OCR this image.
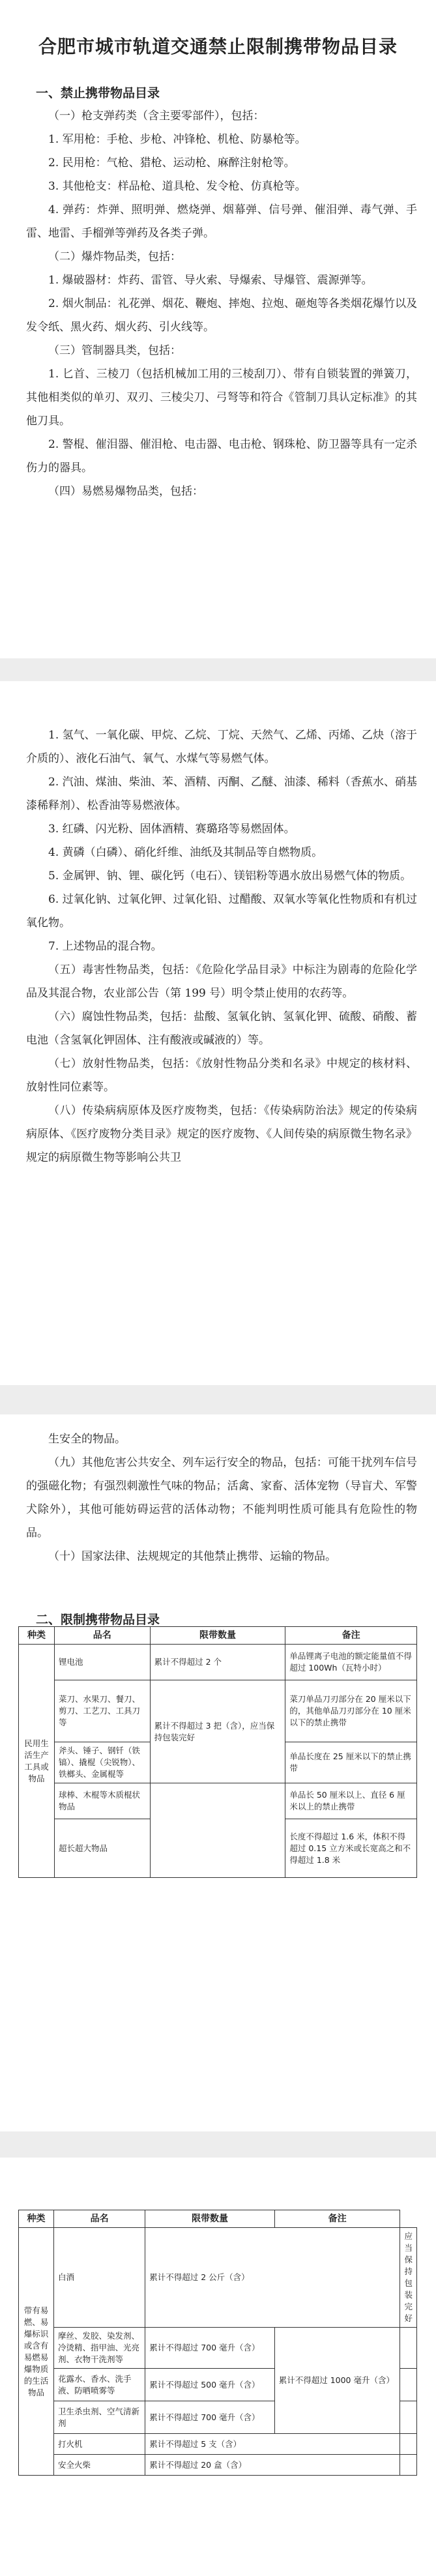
合肥市城市轨道交通禁止限制携带物品目录
一、禁止携带物品目录
（一）枪支弹药类（含主要零部件），包括：
1. 军用枪：手枪、步枪、冲锋枪、机枪、防暴枪等。
2. 民用枪：气枪、猎枪、运动枪、麻醉注射枪等。
3. 其他枪支：样品枪、道具枪、发令枪、仿真枪等。
4. 弹药：炸弹、照明弹、燃烧弹、烟幕弹、信号弹、催泪弹、毒气弹、手雷、地雷、手榴弹等弹药及各类子弹。
（二）爆炸物品类，包括：
1. 爆破器材：炸药、雷管、导火索、导爆索、导爆管、震源弹等。
2. 烟火制品：礼花弹、烟花、鞭炮、摔炮、拉炮、砸炮等各类烟花爆竹以及发令纸、黑火药、烟火药、引火线等。
（三）管制器具类，包括：
1. 匕首、三棱刀（包括机械加工用的三棱刮刀）、带有自锁装置的弹簧刀，其他相类似的单刃、双刃、三棱尖刀、弓弩等和符合《管制刀具认定标准》的其他刀具。
2. 警棍、催泪器、催泪枪、电击器、电击枪、钢珠枪、防卫器等具有一定杀伤力的器具。
（四）易燃易爆物品类，包括：
1. 氢气、一氧化碳、甲烷、乙烷、丁烷、天然气、乙烯、丙烯、乙炔（溶于介质的）、液化石油气、氧气、水煤气等易燃气体。
2. 汽油、煤油、柴油、苯、酒精、丙酮、乙醚、油漆、稀料（香蕉水、硝基漆稀释剂）、松香油等易燃液体。
3. 红磷、闪光粉、固体酒精、赛璐珞等易燃固体。
4. 黄磷（白磷）、硝化纤维、油纸及其制品等自燃物质。
5. 金属钾、钠、锂、碳化钙（电石）、镁铝粉等遇水放出易燃气体的物质。
6. 过氧化钠、过氧化钾、过氧化铅、过醋酸、双氧水等氧化性物质和有机过氧化物。
7. 上述物品的混合物。
（五）毒害性物品类，包括：《危险化学品目录》中标注为剧毒的危险化学品及其混合物，农业部公告（第 199 号）明令禁止使用的农药等。
（六）腐蚀性物品类，包括：盐酸、氢氧化钠、氢氧化钾、硫酸、硝酸、蓄电池（含氢氧化钾固体、注有酸液或碱液的）等。
（七）放射性物品类，包括：《放射性物品分类和名录》中规定的核材料、放射性同位素等。
（八）传染病病原体及医疗废物类，包括：《传染病防治法》规定的传染病病原体、《医疗废物分类目录》规定的医疗废物、《人间传染的病原微生物名录》规定的病原微生物等影响公共卫
生安全的物品。
（九）其他危害公共安全、列车运行安全的物品，包括：可能干扰列车信号的强磁化物；有强烈刺激性气味的物品；活禽、家畜、活体宠物（导盲犬、军警犬除外），其他可能妨碍运营的活体动物；不能判明性质可能具有危险性的物品。
（十）国家法律、法规规定的其他禁止携带、运输的物品。
二、限制携带物品目录
种类	品名	限带数量	备注
民用生活生产工具或物品	锂电池	累计不得超过 2 个	单品锂离子电池的额定能量值不得超过 100Wh（瓦特小时）
	菜刀、水果刀、餐刀、剪刀、工艺刀、工具刀等	累计不得超过 3 把（含），应当保持包装完好	菜刀单品刀刃部分在 20 厘米以下的，其他单品刀刃部分在 10 厘米以下的禁止携带
	斧头、锤子、钢钎（铁镐）、撬棍（尖锐物）、铁榔头、金属棍等		单品长度在 25 厘米以下的禁止携带
	球棒、木棍等木质棍状物品		单品长 50 厘米以上、直径 6 厘米以上的禁止携带
	超长超大物品		长度不得超过 1.6 米，体积不得超过 0.15 立方米或长宽高之和不得超过 1.8 米
种类	品名	限带数量	备注	
带有易燃、易爆标识或含有易燃易爆物质的生活物品	白酒	累计不得超过 2 公斤（含）		应当保持包装完好
	摩丝、发胶、染发剂、冷烫精、指甲油、光亮剂、衣物干洗剂等	累计不得超过 700 毫升（含）	累计不得超过 1000 毫升（含）	
	花露水、香水、洗手液、防晒喷雾等	累计不得超过 500 毫升（含）		
	卫生杀虫剂、空气清新剂	累计不得超过 700 毫升（含）		
	打火机	累计不得超过 5 支（含）		
	安全火柴	累计不得超过 20 盒（含）		
